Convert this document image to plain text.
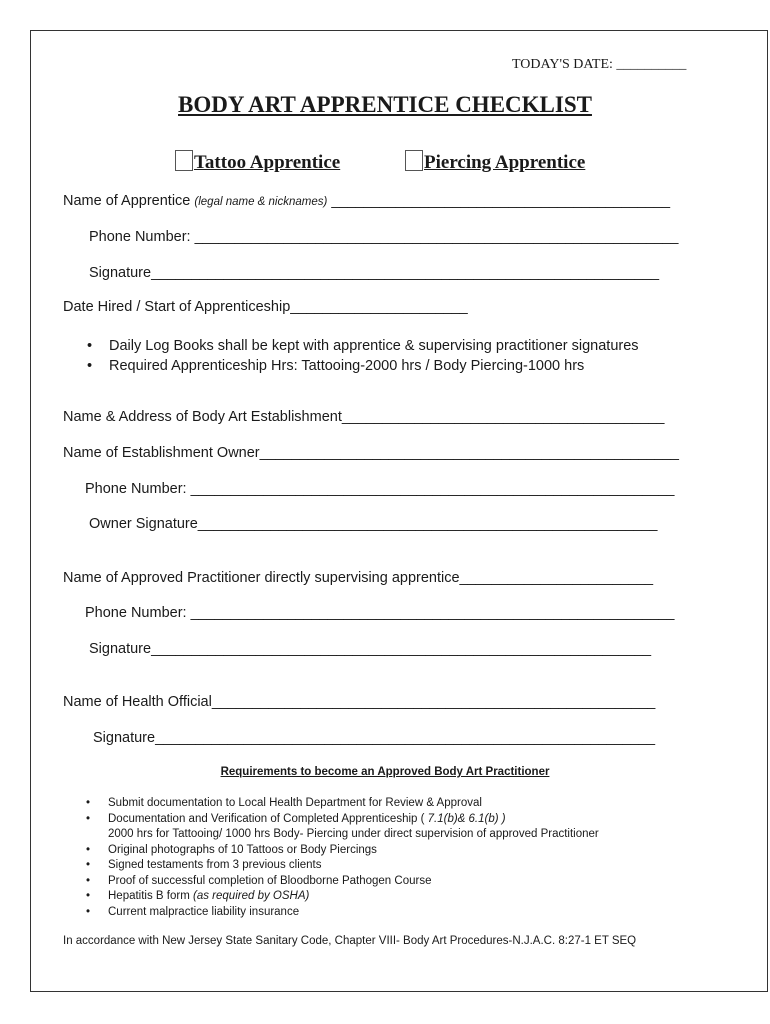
TODAY'S DATE: __________
BODY ART APPRENTICE CHECKLIST
Tattoo Apprentice	Piercing Apprentice
Name of Apprentice (legal name & nicknames) __________________________________________
Phone Number: ____________________________________________________________
Signature_______________________________________________________________
Date Hired / Start of Apprenticeship______________________
• Daily Log Books shall be kept with apprentice & supervising practitioner signatures
• Required Apprenticeship Hrs: Tattooing-2000 hrs / Body Piercing-1000 hrs
Name & Address of Body Art Establishment________________________________________
Name of Establishment Owner____________________________________________________
Phone Number: ____________________________________________________________
Owner Signature_________________________________________________________
Name of Approved Practitioner directly supervising apprentice________________________
Phone Number: ____________________________________________________________
Signature______________________________________________________________
Name of Health Official_______________________________________________________
Signature______________________________________________________________
Requirements to become an Approved Body Art Practitioner
• Submit documentation to Local Health Department for Review & Approval
• Documentation and Verification of Completed Apprenticeship ( 7.1(b)& 6.1(b) )
2000 hrs for Tattooing/ 1000 hrs Body- Piercing under direct supervision of approved Practitioner
• Original photographs of 10 Tattoos or Body Piercings
• Signed testaments from 3 previous clients
• Proof of successful completion of Bloodborne Pathogen Course
• Hepatitis B form (as required by OSHA)
• Current malpractice liability insurance
In accordance with New Jersey State Sanitary Code, Chapter VIII- Body Art Procedures-N.J.A.C. 8:27-1 ET SEQ
